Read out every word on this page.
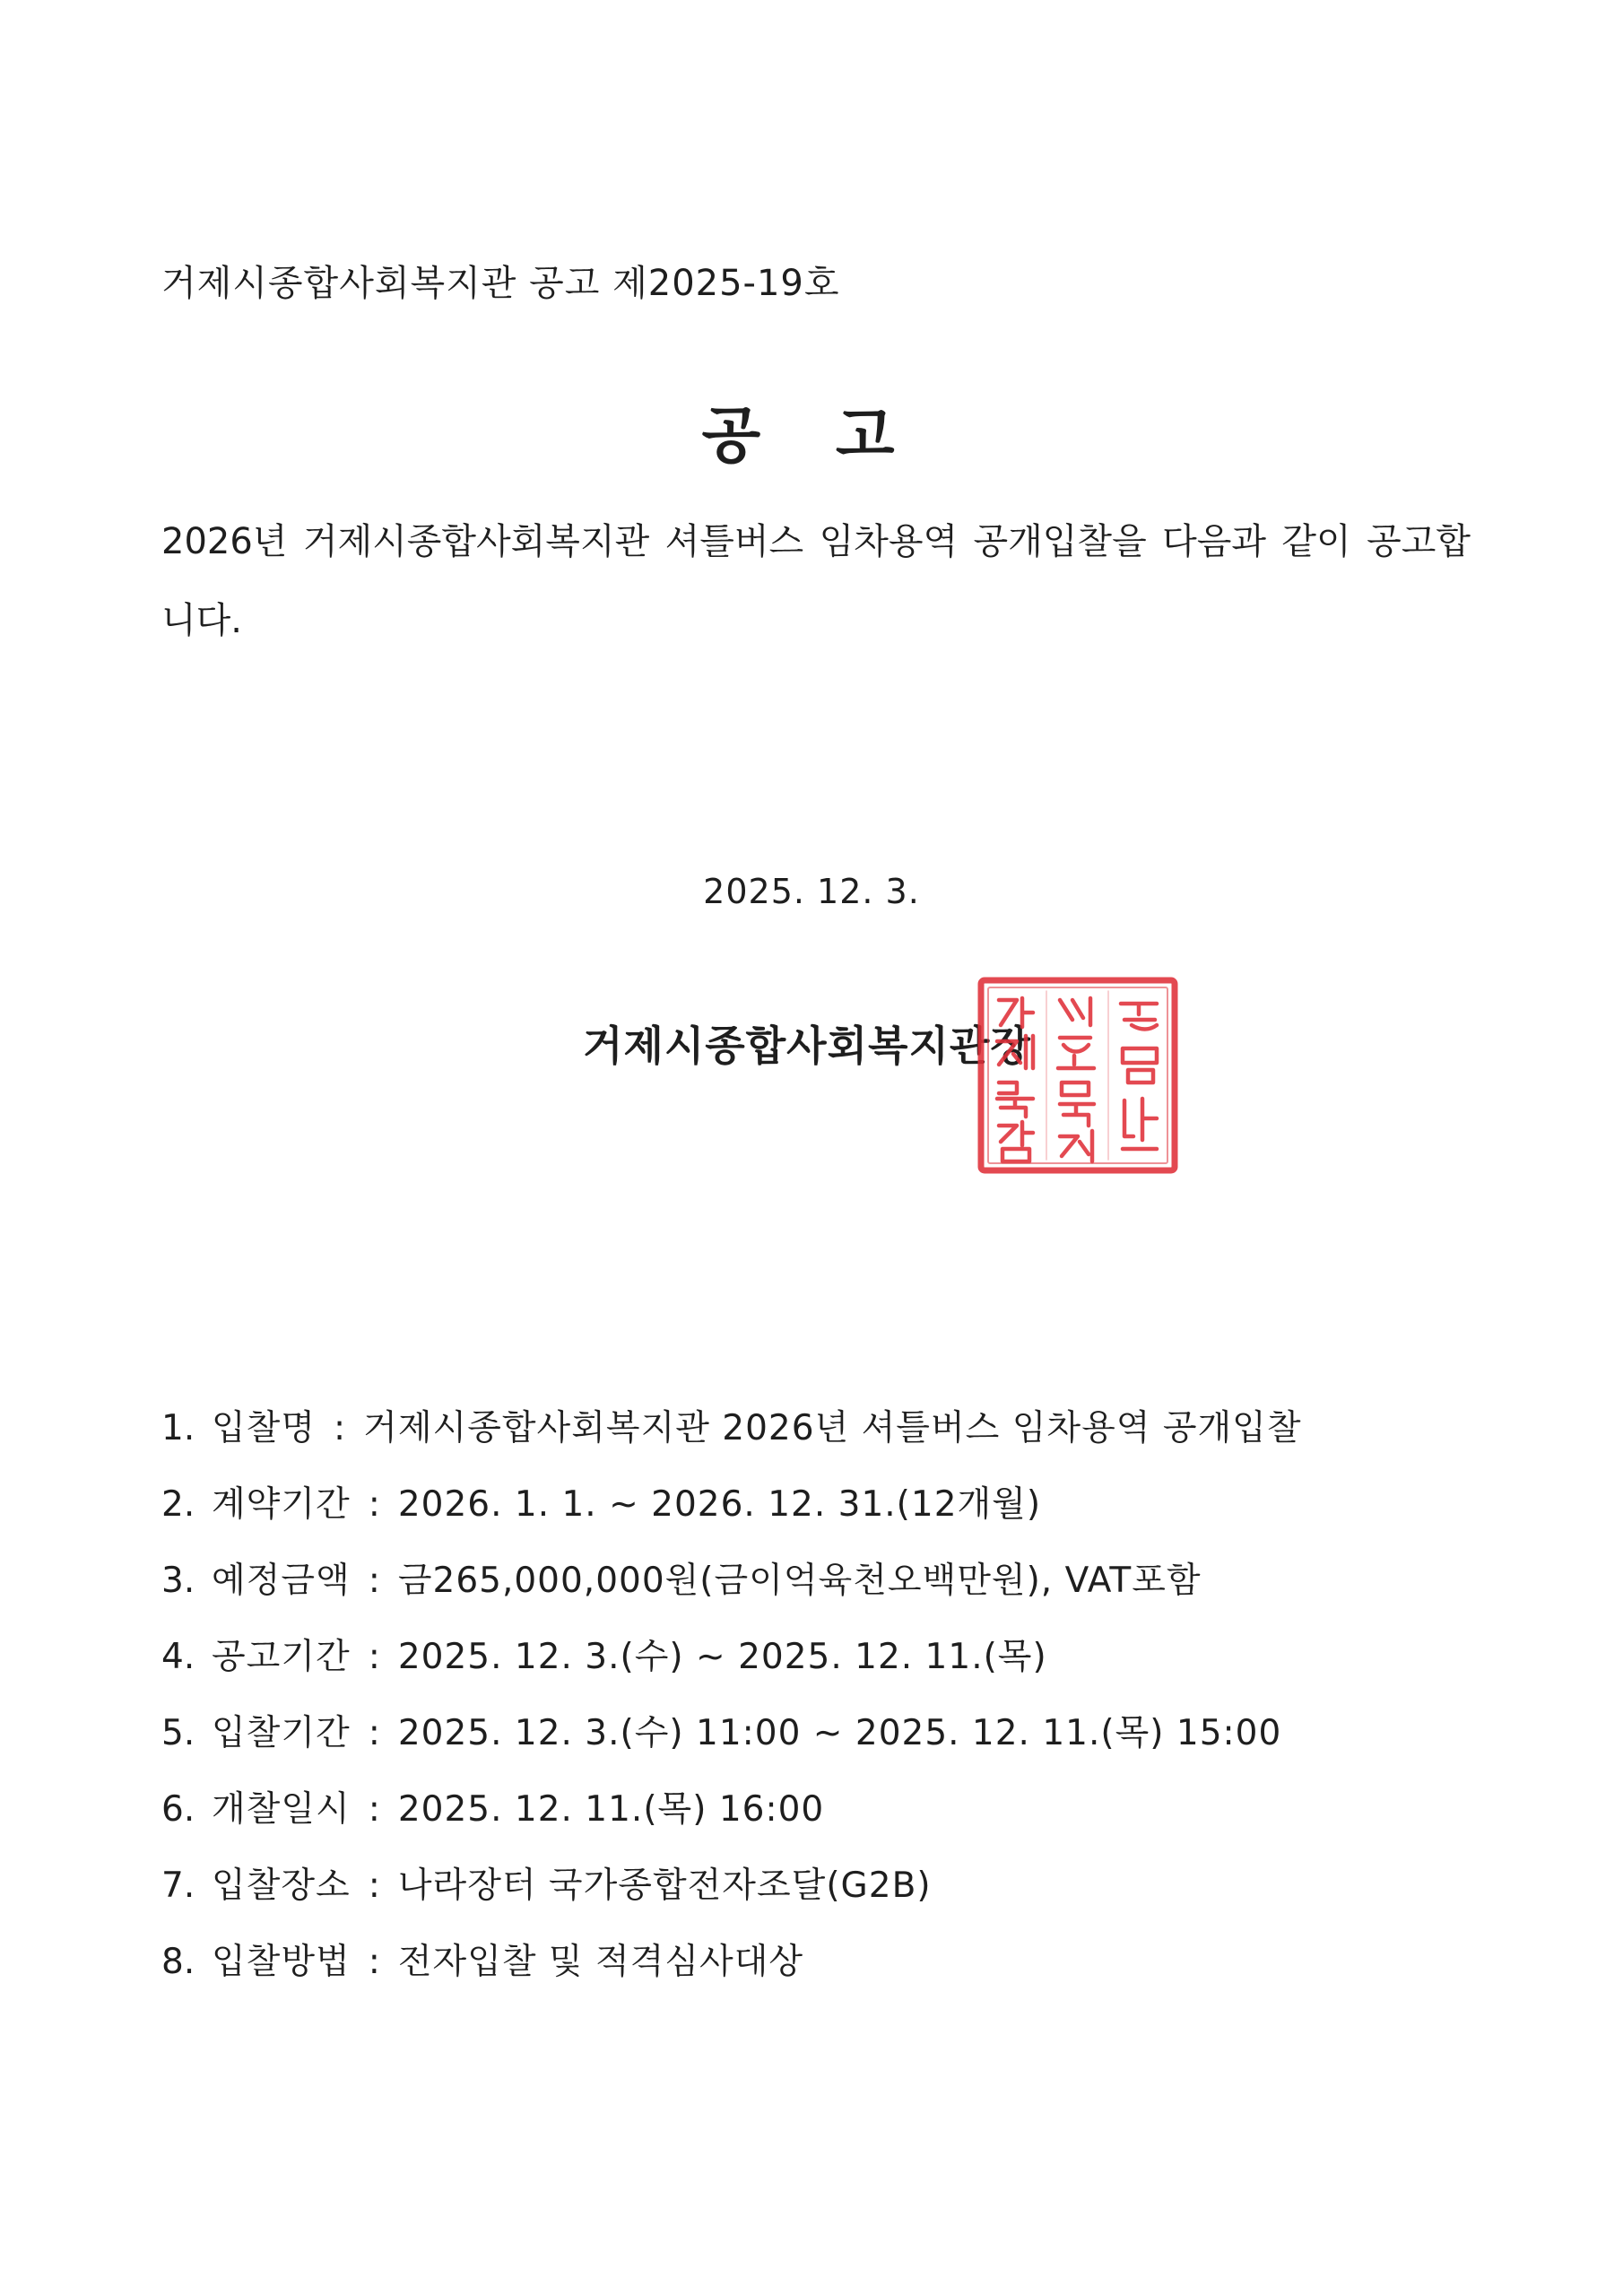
거제시종합사회복지관 공고 제2025-19호
공 고
2026년 거제시종합사회복지관 셔틀버스 임차용역 공개입찰을 다음과 같이 공고합니다.
2025. 12. 3.
거제시종합사회복지관장
1. 입찰명 : 거제시종합사회복지관 2026년 셔틀버스 임차용역 공개입찰
2. 계약기간 : 2026. 1. 1. ~ 2026. 12. 31.(12개월)
3. 예정금액 : 금265,000,000원(금이억육천오백만원), VAT포함
4. 공고기간 : 2025. 12. 3.(수) ~ 2025. 12. 11.(목)
5. 입찰기간 : 2025. 12. 3.(수) 11:00 ~ 2025. 12. 11.(목) 15:00
6. 개찰일시 : 2025. 12. 11.(목) 16:00
7. 입찰장소 : 나라장터 국가종합전자조달(G2B)
8. 입찰방법 : 전자입찰 및 적격심사대상
